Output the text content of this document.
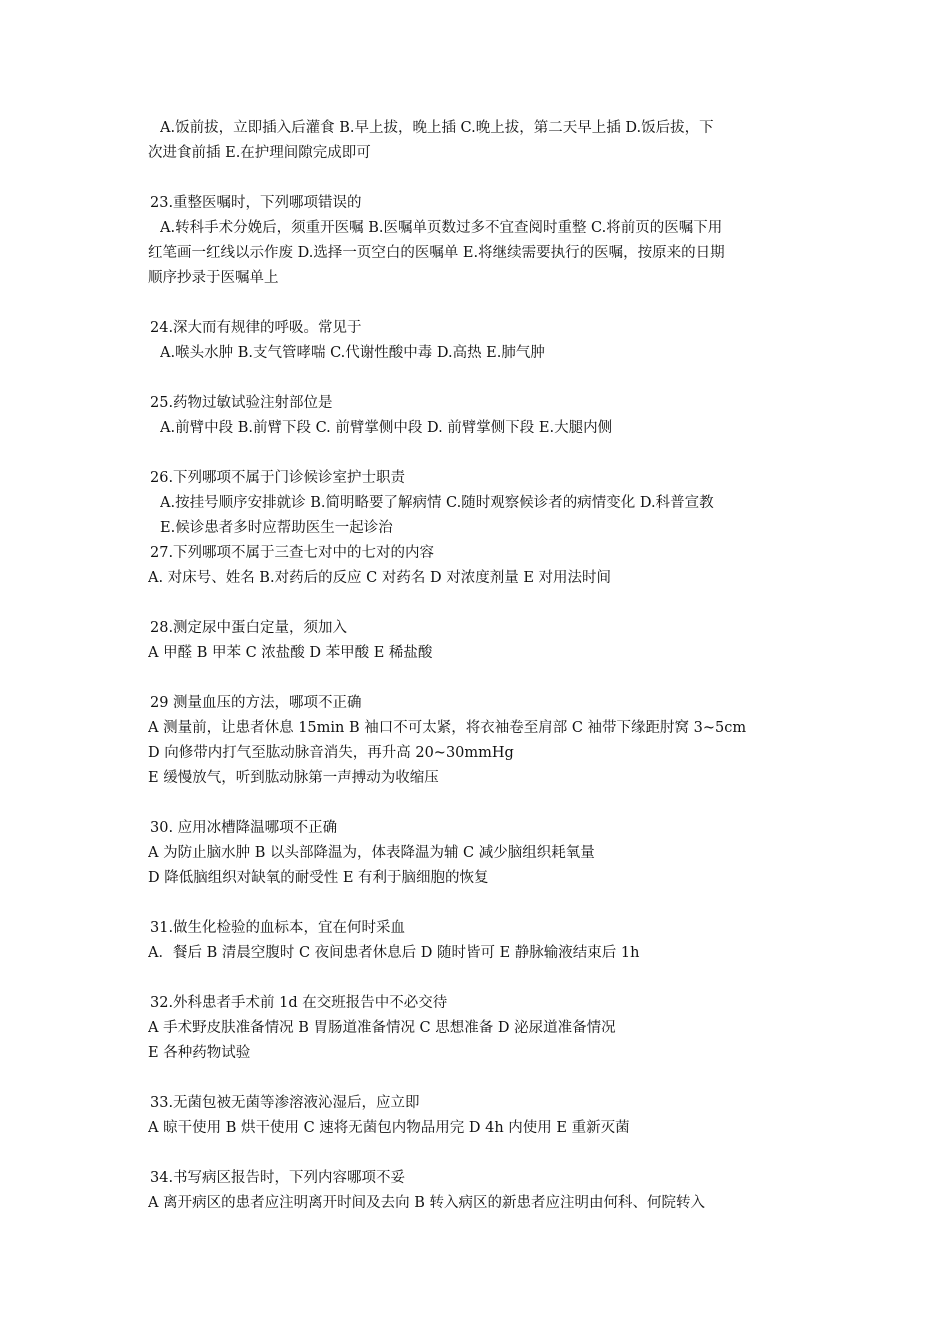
A.饭前拔，立即插入后灌食 B.早上拔，晚上插 C.晚上拔，第二天早上插 D.饭后拔，下
次进食前插 E.在护理间隙完成即可
23.重整医嘱时，下列哪项错误的
A.转科手术分娩后，须重开医嘱 B.医嘱单页数过多不宜查阅时重整 C.将前页的医嘱下用
红笔画一红线以示作废 D.选择一页空白的医嘱单 E.将继续需要执行的医嘱，按原来的日期
顺序抄录于医嘱单上
24.深大而有规律的呼吸。常见于
A.喉头水肿 B.支气管哮喘 C.代谢性酸中毒 D.高热 E.肺气肿
25.药物过敏试验注射部位是
A.前臂中段 B.前臂下段 C. 前臂掌侧中段 D. 前臂掌侧下段 E.大腿内侧
26.下列哪项不属于门诊候诊室护士职责
A.按挂号顺序安排就诊 B.简明略要了解病情 C.随时观察候诊者的病情变化 D.科普宣教
E.候诊患者多时应帮助医生一起诊治
27.下列哪项不属于三查七对中的七对的内容
A. 对床号、姓名 B.对药后的反应 C 对药名 D 对浓度剂量 E 对用法时间
28.测定尿中蛋白定量，须加入
A 甲醛 B 甲苯 C 浓盐酸 D 苯甲酸 E 稀盐酸
29 测量血压的方法，哪项不正确
A 测量前，让患者休息 15min B 袖口不可太紧，将衣袖卷至肩部 C 袖带下缘距肘窝 3~5cm
D 向修带内打气至肱动脉音消失，再升高 20~30mmHg
E 缓慢放气，听到肱动脉第一声搏动为收缩压
30. 应用冰槽降温哪项不正确
A 为防止脑水肿 B 以头部降温为，体表降温为辅 C 减少脑组织耗氧量
D 降低脑组织对缺氧的耐受性 E 有利于脑细胞的恢复
31.做生化检验的血标本，宜在何时采血
A．餐后 B 清晨空腹时 C 夜间患者休息后 D 随时皆可 E 静脉输液结束后 1h
32.外科患者手术前 1d 在交班报告中不必交待
A 手术野皮肤准备情况 B 胃肠道准备情况 C 思想准备 D 泌尿道准备情况
E 各种药物试验
33.无菌包被无菌等渗溶液沁湿后，应立即
A 晾干使用 B 烘干使用 C 速将无菌包内物品用完 D 4h 内使用 E 重新灭菌
34.书写病区报告时，下列内容哪项不妥
A 离开病区的患者应注明离开时间及去向 B 转入病区的新患者应注明由何科、何院转入
